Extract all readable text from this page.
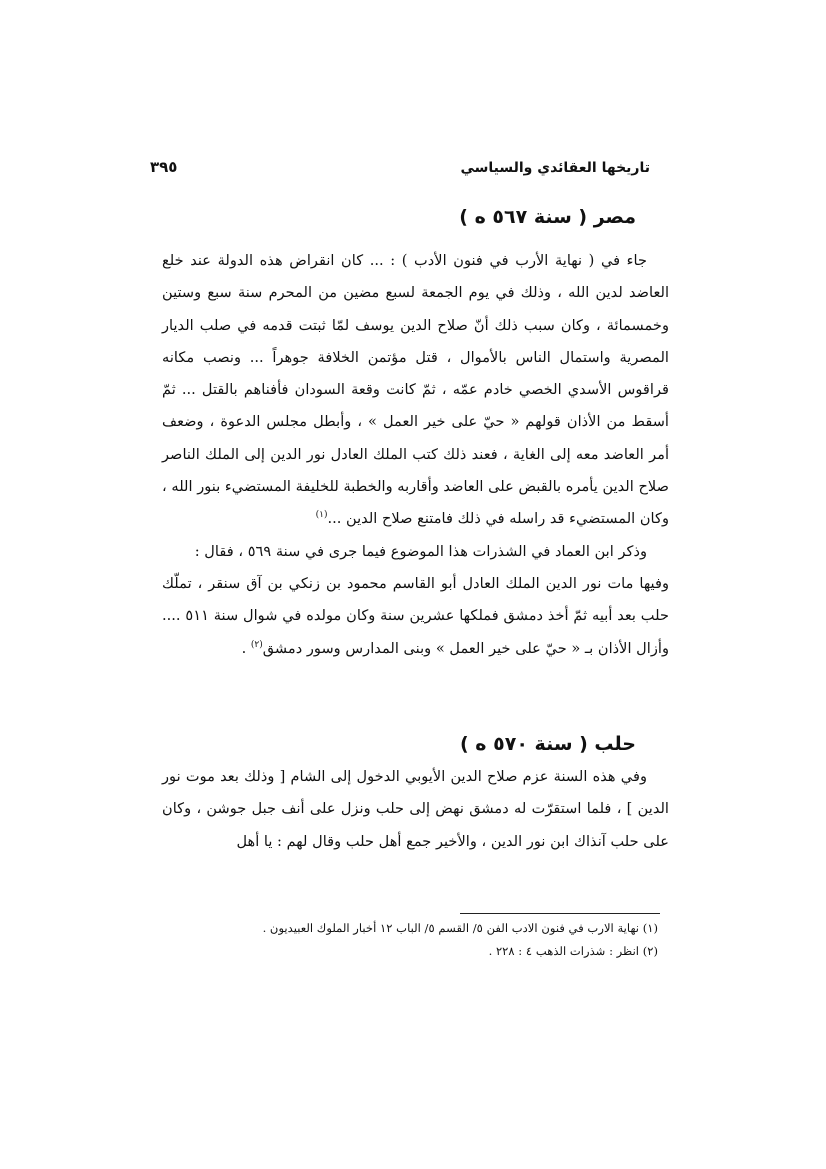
تاريخها العقائدي والسياسي
٣٩٥
مصر ( سنة ٥٦٧ ه )

جاء في ( نهاية الأرب في فنون الأدب ) : ... كان انقراض هذه الدولة عند خلع العاضد لدين الله ، وذلك في يوم الجمعة لسبع مضين من المحرم سنة سبع وستين وخمسمائة ، وكان سبب ذلك أنّ صلاح الدين يوسف لمّا ثبتت قدمه في صلب الديار المصرية واستمال الناس بالأموال ، قتل مؤتمن الخلافة جوهراً ... ونصب مكانه قراقوس الأسدي الخصي خادم عمّه ، ثمّ كانت وقعة السودان فأفناهم بالقتل ... ثمّ أسقط من الأذان قولهم « حيّ على خير العمل » ، وأبطل مجلس الدعوة ، وضعف أمر العاضد معه إلى الغاية ، فعند ذلك كتب الملك العادل نور الدين إلى الملك الناصر صلاح الدين يأمره بالقبض على العاضد وأقاربه والخطبة للخليفة المستضيء بنور الله ، وكان المستضيء قد راسله في ذلك فامتنع صلاح الدين ...$^{(١)}$

وذكر ابن العماد في الشذرات هذا الموضوع فيما جرى في سنة ٥٦٩ ، فقال :

وفيها مات نور الدين الملك العادل أبو القاسم محمود بن زنكي بن آق سنقر ، تملّك حلب بعد أبيه ثمّ أخذ دمشق فملكها عشرين سنة وكان مولده في شوال سنة ٥١١ .... وأزال الأذان بـ « حيّ على خير العمل » وبنى المدارس وسور دمشق$^{(٢)}$ .

حلب ( سنة ٥٧٠ ه )

وفي هذه السنة عزم صلاح الدين الأيوبي الدخول إلى الشام [ وذلك بعد موت نور الدين ] ، فلما استقرّت له دمشق نهض إلى حلب ونزل على أنف جبل جوشن ، وكان على حلب آنذاك ابن نور الدين ، والأخير جمع أهل حلب وقال لهم : يا أهل

(١) نهاية الارب في فنون الادب الفن ٥/ القسم ٥/ الباب ١٢ أخبار الملوك العبيديون .
(٢) انظر : شذرات الذهب ٤ : ٢٢٨ .
